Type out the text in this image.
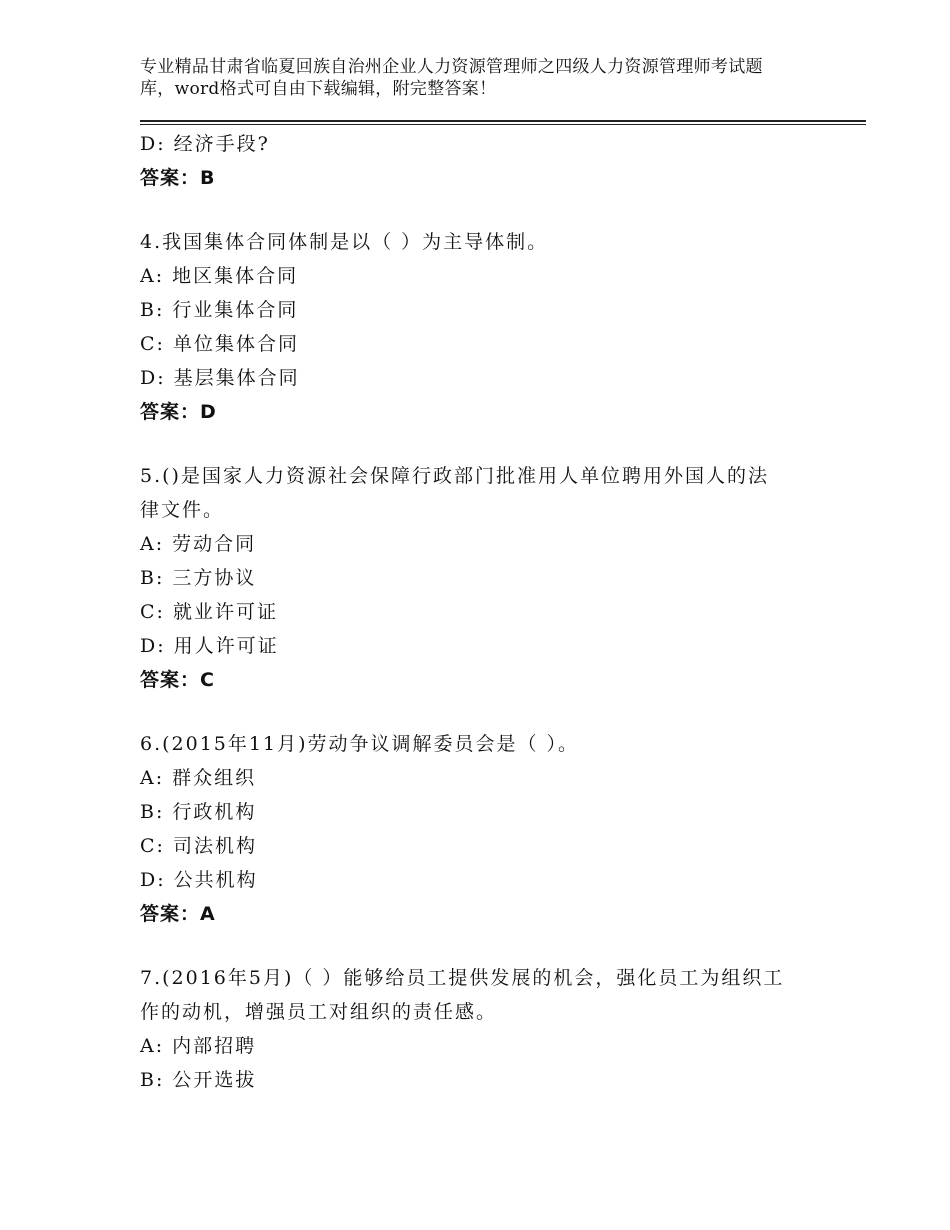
专业精品甘肃省临夏回族自治州企业人力资源管理师之四级人力资源管理师考试题
库，word格式可自由下载编辑，附完整答案！
D: 经济手段?
答案：B
4.我国集体合同体制是以（ ）为主导体制。
A: 地区集体合同
B: 行业集体合同
C: 单位集体合同
D: 基层集体合同
答案：D
5.()是国家人力资源社会保障行政部门批准用人单位聘用外国人的法
律文件。
A: 劳动合同
B: 三方协议
C: 就业许可证
D: 用人许可证
答案：C
6.(2015年11月)劳动争议调解委员会是（ ）。
A: 群众组织
B: 行政机构
C: 司法机构
D: 公共机构
答案：A
7.(2016年5月)（ ）能够给员工提供发展的机会，强化员工为组织工
作的动机，增强员工对组织的责任感。
A: 内部招聘
B: 公开选拔
